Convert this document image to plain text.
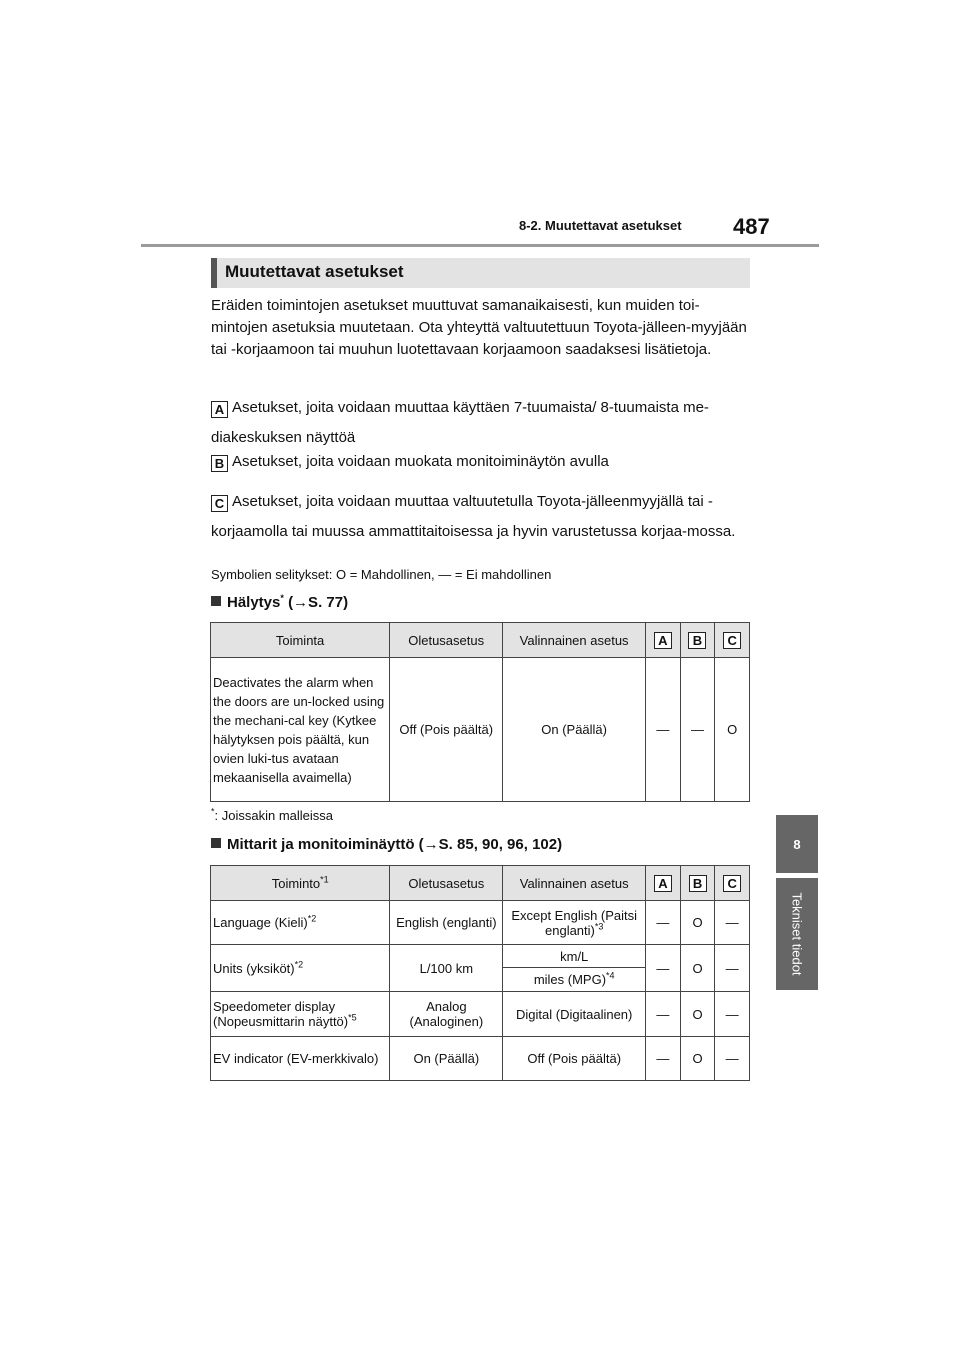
8-2. Muutettavat asetukset 487
8
Tekniset tiedot
Muutettavat asetukset
Eräiden toimintojen asetukset muuttuvat samanaikaisesti, kun muiden toi-mintojen asetuksia muutetaan. Ota yhteyttä valtuutettuun Toyota-jälleen-myyjään tai -korjaamoon tai muuhun luotettavaan korjaamoon saadaksesi lisätietoja.
A Asetukset, joita voidaan muuttaa käyttäen 7-tuumaista/ 8-tuumaista me-diakeskuksen näyttöä
B Asetukset, joita voidaan muokata monitoiminäytön avulla
C Asetukset, joita voidaan muuttaa valtuutetulla Toyota-jälleenmyyjällä tai -korjaamolla tai muussa ammattitaitoisessa ja hyvin varustetussa korjaa-mossa.
Symbolien selitykset: O = Mahdollinen, — = Ei mahdollinen
Hälytys* (→S. 77)
Toiminta	Oletusasetus	Valinnainen asetus	A	B	C
Deactivates the alarm when the doors are un-locked using the mechani-cal key (Kytkee hälytyksen pois päältä, kun ovien luki-tus avataan mekaanisella avaimella)	Off (Pois päältä)	On (Päällä)	—	—	O
*: Joissakin malleissa
Mittarit ja monitoiminäyttö (→S. 85, 90, 96, 102)
Toiminto$^{*1}$	Oletusasetus	Valinnainen asetus	A	B	C
Language (Kieli)$^{*2}$	English (englanti)	Except English (Paitsi englanti)$^{*3}$	—	O	—
Units (yksiköt)$^{*2}$	L/100 km	km/L	—	O	—
		miles (MPG)$^{*4}$
Speedometer display (Nopeusmittarin näyttö)$^{*5}$	Analog (Analoginen)	Digital (Digitaalinen)	—	O	—
EV indicator (EV-merkkivalo)	On (Päällä)	Off (Pois päältä)	—	O	—
